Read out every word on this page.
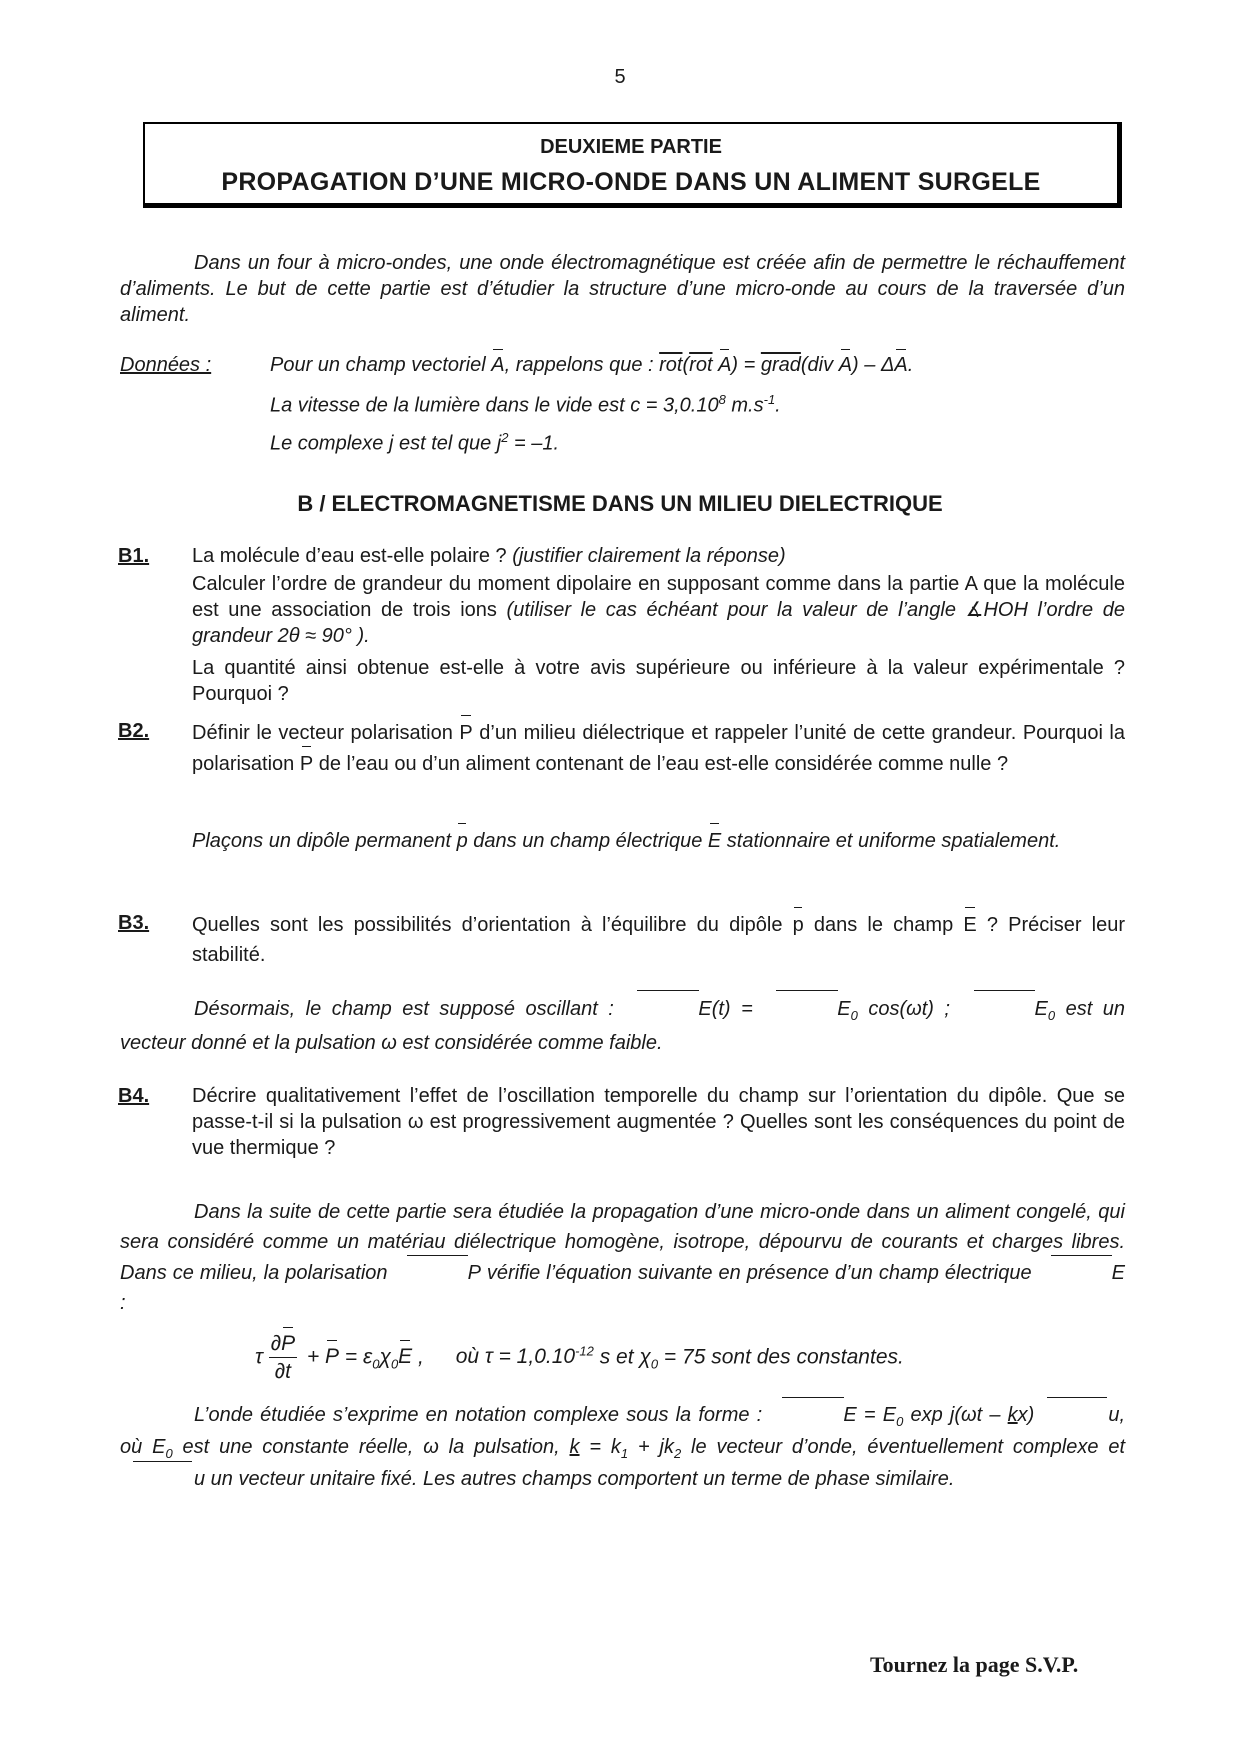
5
DEUXIEME PARTIE
PROPAGATION D’UNE MICRO-ONDE DANS UN ALIMENT SURGELE
Dans un four à micro-ondes, une onde électromagnétique est créée afin de permettre le réchauffement d’aliments. Le but de cette partie est d’étudier la structure d’une micro-onde au cours de la traversée d’un aliment.
Données :	Pour un champ vectoriel A, rappelons que : $\overline{rot}(\overline{rot}$ A) = grad(div A) – ΔA.
La vitesse de la lumière dans le vide est $c = 3,0.10^8$ $m.s^{-1}$.
Le complexe j est tel que $j^2 = -1$.
B / ELECTROMAGNETISME DANS UN MILIEU DIELECTRIQUE
B1. La molécule d’eau est-elle polaire ? (justifier clairement la réponse)
Calculer l’ordre de grandeur du moment dipolaire en supposant comme dans la partie A que la molécule est une association de trois ions (utiliser le cas échéant pour la valeur de l’angle ∡HOH l’ordre de grandeur 2θ ≈ 90° ).
La quantité ainsi obtenue est-elle à votre avis supérieure ou inférieure à la valeur expérimentale ? Pourquoi ?
B2. Définir le vecteur polarisation P d’un milieu diélectrique et rappeler l’unité de cette grandeur. Pourquoi la polarisation P de l’eau ou d’un aliment contenant de l’eau est-elle considérée comme nulle ?
Plaçons un dipôle permanent p dans un champ électrique E stationnaire et uniforme spatialement.
B3. Quelles sont les possibilités d’orientation à l’équilibre du dipôle p dans le champ E ? Préciser leur stabilité.
Désormais, le champ est supposé oscillant :	E(t) =	$E_0$ cos(ωt) ;	$E_0$ est un vecteur donné et la pulsation ω est considérée comme faible.
B4. Décrire qualitativement l’effet de l’oscillation temporelle du champ sur l’orientation du dipôle. Que se passe-t-il si la pulsation ω est progressivement augmentée ? Quelles sont les conséquences du point de vue thermique ?
Dans la suite de cette partie sera étudiée la propagation d’une micro-onde dans un aliment congelé, qui sera considéré comme un matériau diélectrique homogène, isotrope, dépourvu de courants et charges libres. Dans ce milieu, la polarisation	P vérifie l’équation suivante en présence d’un champ électrique	E :
τ $\frac{\partial P}{\partial t} + P = \varepsilon_0\chi_0E$ , où $\tau = 1,0.10^{-12}$ s et $\chi_0 = 75$ sont des constantes.
L’onde étudiée s’exprime en notation complexe sous la forme :	$E = E_0$ exp j(ωt – kx)	u, où $E_0$ est une constante réelle, ω la pulsation, $k = k_1 + jk_2$ le vecteur d’onde, éventuellement complexe et u un vecteur unitaire fixé. Les autres champs comportent un terme de phase similaire.
Tournez la page S.V.P.
